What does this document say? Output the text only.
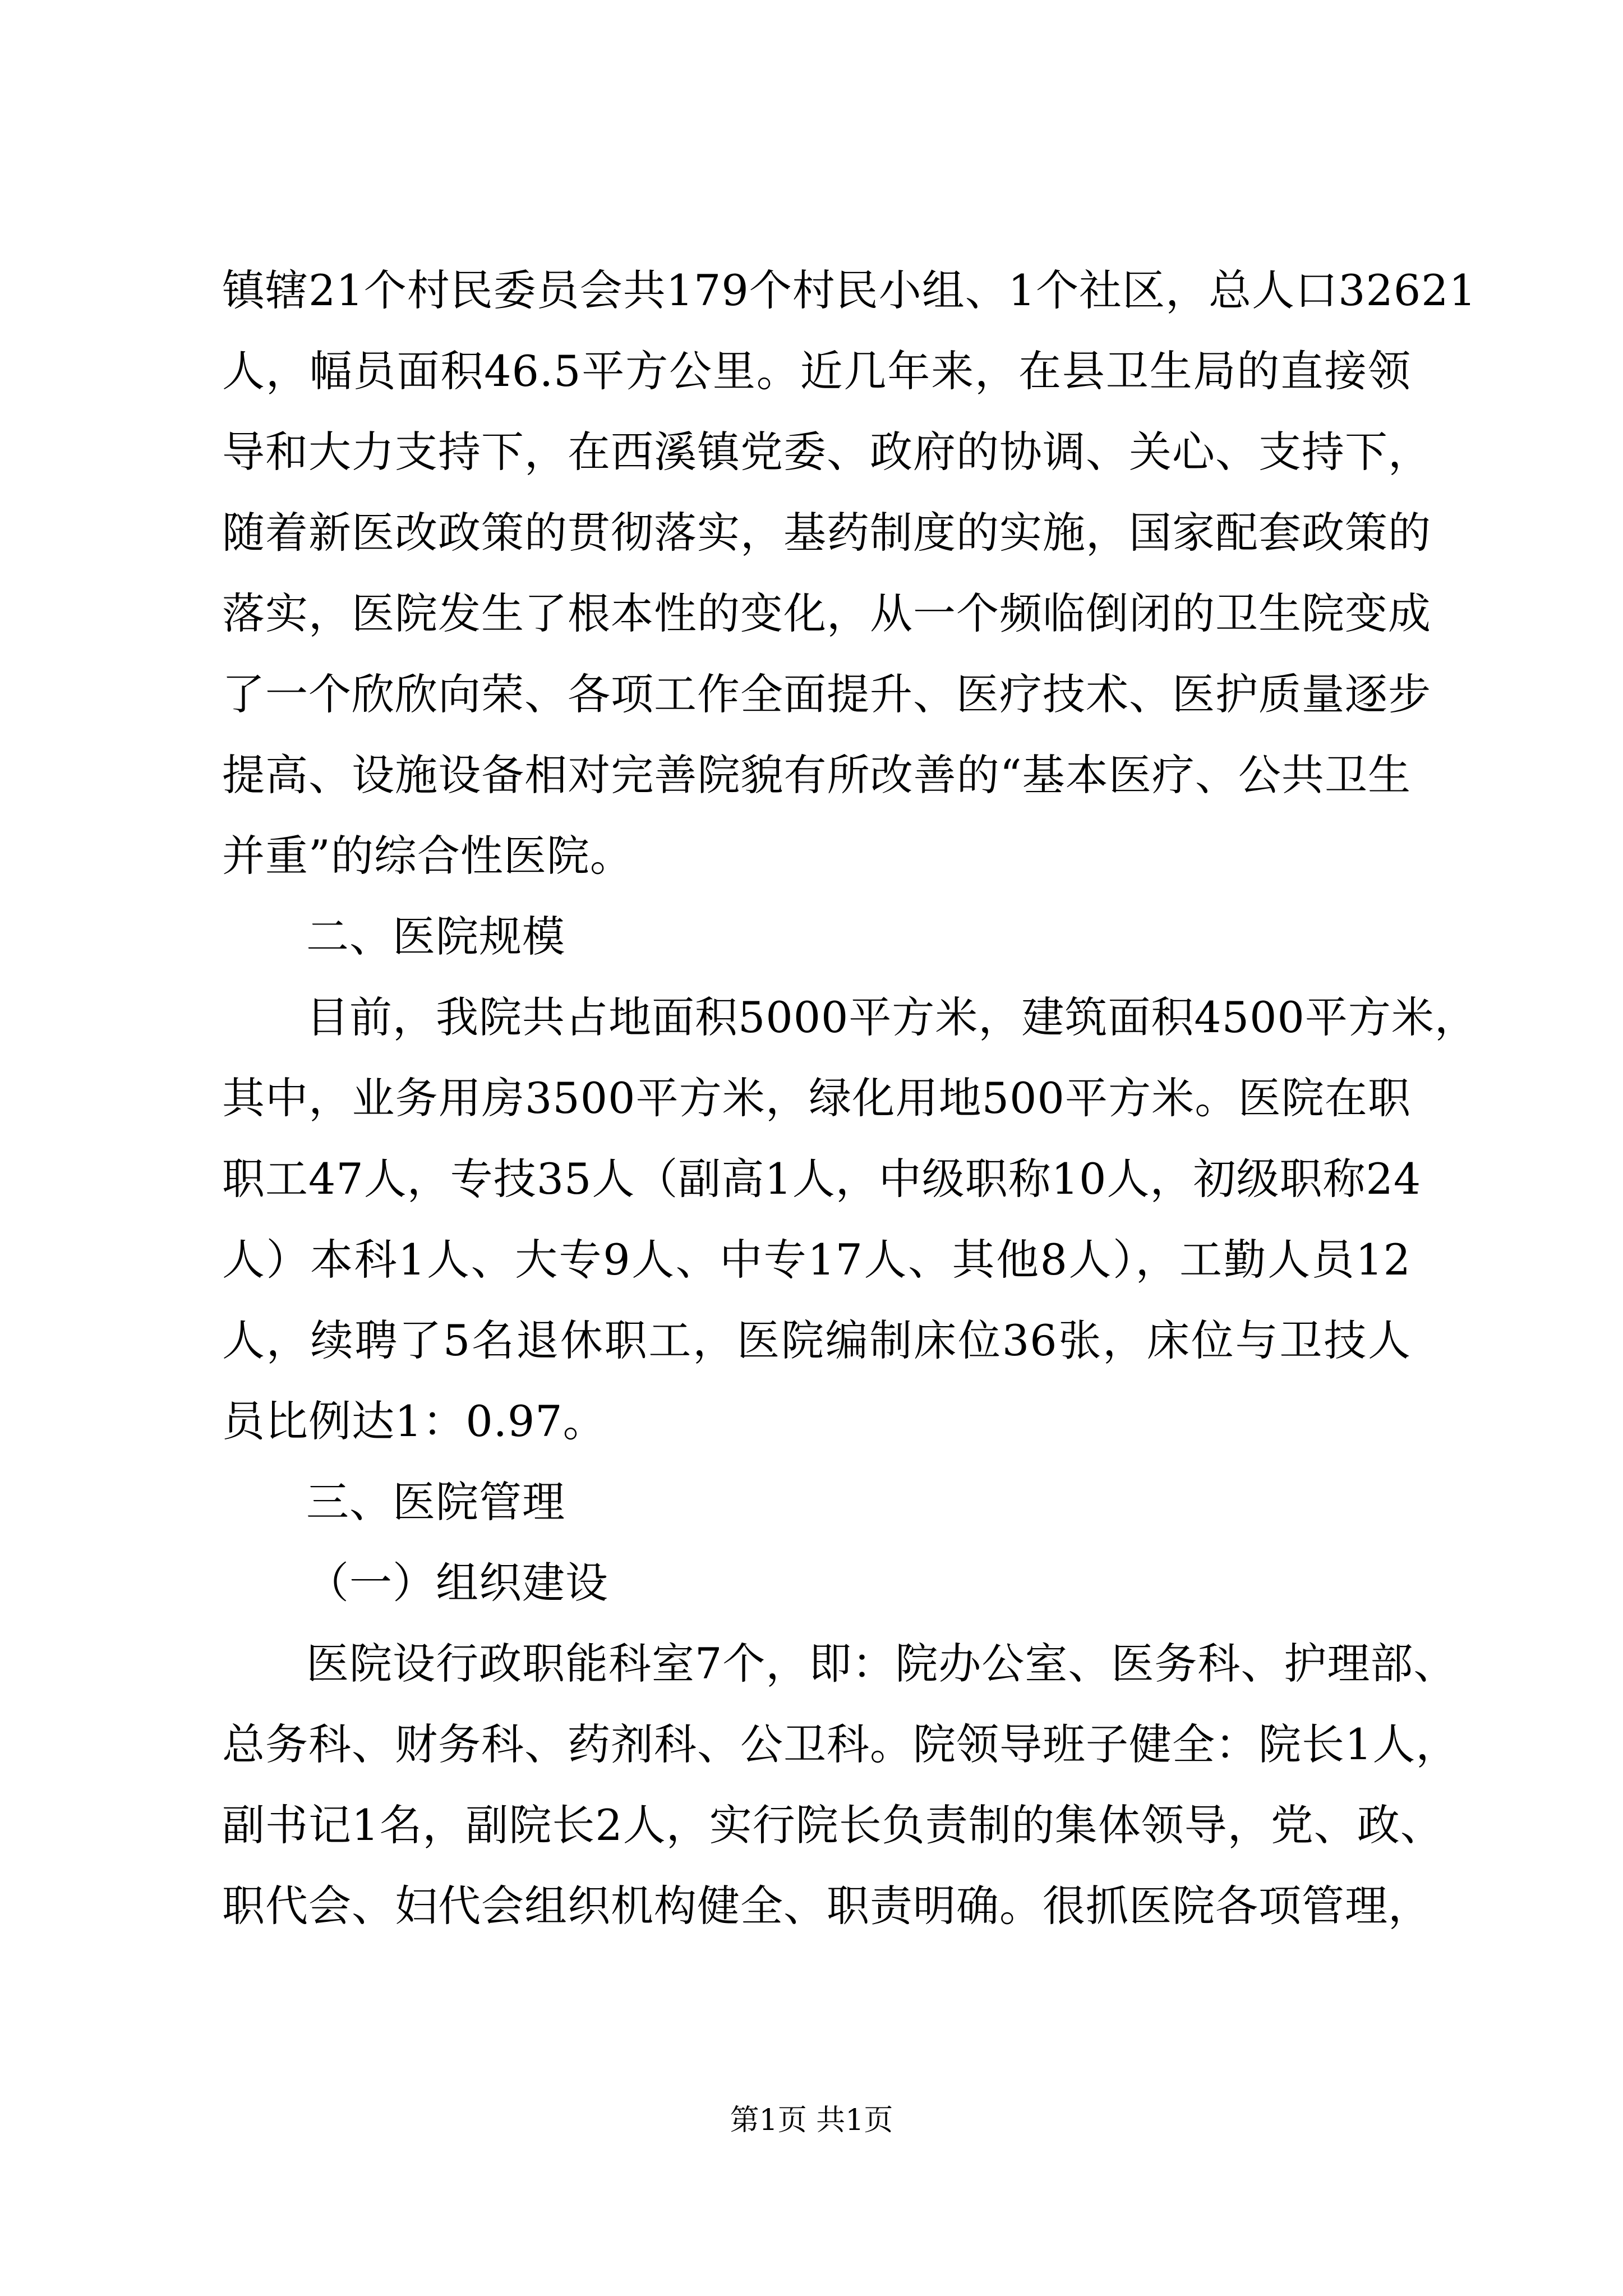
镇辖21个村民委员会共179个村民小组、1个社区，总人口32621
人，幅员面积46.5平方公里。近几年来，在县卫生局的直接领
导和大力支持下，在西溪镇党委、政府的协调、关心、支持下，
随着新医改政策的贯彻落实，基药制度的实施，国家配套政策的
落实，医院发生了根本性的变化，从一个频临倒闭的卫生院变成
了一个欣欣向荣、各项工作全面提升、医疗技术、医护质量逐步
提高、设施设备相对完善院貌有所改善的“基本医疗、公共卫生
并重”的综合性医院。
二、医院规模
目前，我院共占地面积5000平方米，建筑面积4500平方米，
其中，业务用房3500平方米，绿化用地500平方米。医院在职
职工47人，专技35人（副高1人，中级职称10人，初级职称24
人）本科1人、大专9人、中专17人、其他8人），工勤人员12
人，续聘了5名退休职工，医院编制床位36张，床位与卫技人
员比例达1：0.97。
三、医院管理
（一）组织建设
医院设行政职能科室7个，即：院办公室、医务科、护理部、
总务科、财务科、药剂科、公卫科。院领导班子健全：院长1人，
副书记1名，副院长2人，实行院长负责制的集体领导，党、政、
职代会、妇代会组织机构健全、职责明确。很抓医院各项管理，
第1页 共1页
